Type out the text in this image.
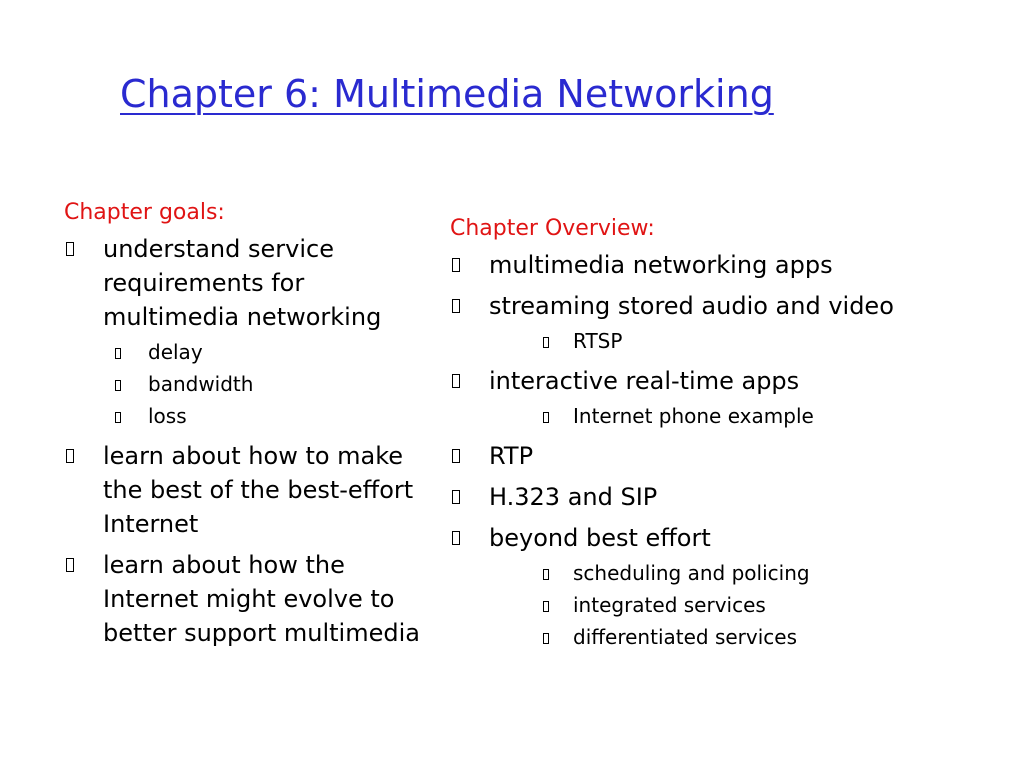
Chapter 6: Multimedia Networking
Chapter goals:
understand service requirements for multimedia networking
delay
bandwidth
loss
learn about how to make the best of the best-effort Internet
learn about how the Internet might evolve to better support multimedia
Chapter Overview:
multimedia networking apps
streaming stored audio and video
RTSP
interactive real-time apps
Internet phone example
RTP
H.323 and SIP
beyond best effort
scheduling and policing
integrated services
differentiated services
